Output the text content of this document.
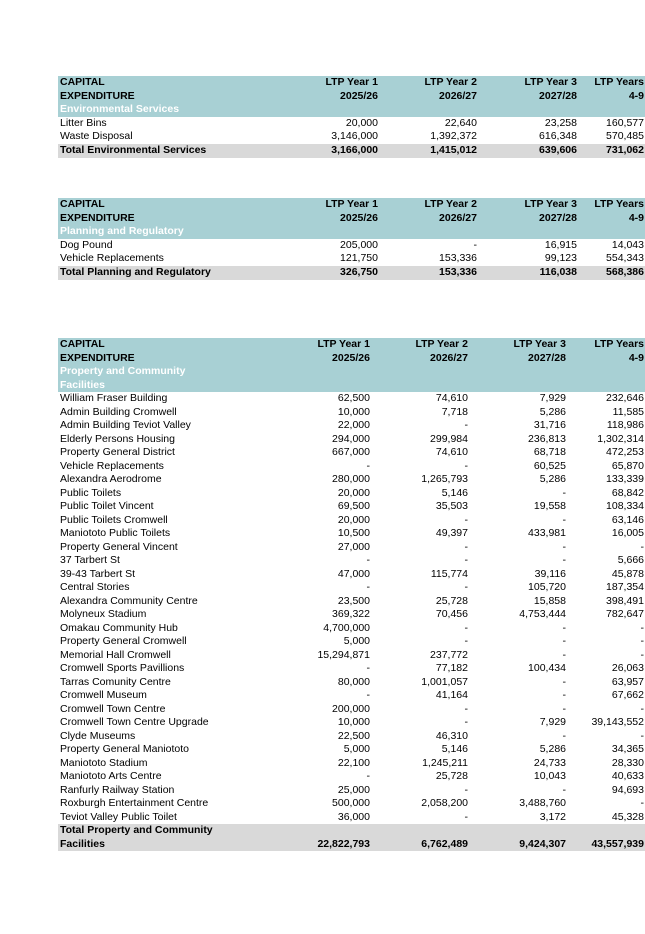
CAPITAL	LTP Year 1	LTP Year 2	LTP Year 3	LTP Years
EXPENDITURE	2025/26	2026/27	2027/28	4-9
Environmental Services				
Litter Bins	20,000	22,640	23,258	160,577
Waste Disposal	3,146,000	1,392,372	616,348	570,485
Total Environmental Services	3,166,000	1,415,012	639,606	731,062
CAPITAL	LTP Year 1	LTP Year 2	LTP Year 3	LTP Years
EXPENDITURE	2025/26	2026/27	2027/28	4-9
Planning and Regulatory				
Dog Pound	205,000	-	16,915	14,043
Vehicle Replacements	121,750	153,336	99,123	554,343
Total Planning and Regulatory	326,750	153,336	116,038	568,386
CAPITAL	LTP Year 1	LTP Year 2	LTP Year 3	LTP Years
EXPENDITURE	2025/26	2026/27	2027/28	4-9
Property and Community				
Facilities				
William Fraser Building	62,500	74,610	7,929	232,646
Admin Building Cromwell	10,000	7,718	5,286	11,585
Admin Building Teviot Valley	22,000	-	31,716	118,986
Elderly Persons Housing	294,000	299,984	236,813	1,302,314
Property General District	667,000	74,610	68,718	472,253
Vehicle Replacements	-	-	60,525	65,870
Alexandra Aerodrome	280,000	1,265,793	5,286	133,339
Public Toilets	20,000	5,146	-	68,842
Public Toilet Vincent	69,500	35,503	19,558	108,334
Public Toilets Cromwell	20,000	-	-	63,146
Maniototo Public Toilets	10,500	49,397	433,981	16,005
Property General Vincent	27,000	-	-	-
37 Tarbert St	-	-	-	5,666
39-43 Tarbert St	47,000	115,774	39,116	45,878
Central Stories	-	-	105,720	187,354
Alexandra Community Centre	23,500	25,728	15,858	398,491
Molyneux Stadium	369,322	70,456	4,753,444	782,647
Omakau Community Hub	4,700,000	-	-	-
Property General Cromwell	5,000	-	-	-
Memorial Hall Cromwell	15,294,871	237,772	-	-
Cromwell Sports Pavillions	-	77,182	100,434	26,063
Tarras Comunity Centre	80,000	1,001,057	-	63,957
Cromwell Museum	-	41,164	-	67,662
Cromwell Town Centre	200,000	-	-	-
Cromwell Town Centre Upgrade	10,000	-	7,929	39,143,552
Clyde Museums	22,500	46,310	-	-
Property General Maniototo	5,000	5,146	5,286	34,365
Maniototo Stadium	22,100	1,245,211	24,733	28,330
Maniototo Arts Centre	-	25,728	10,043	40,633
Ranfurly Railway Station	25,000	-	-	94,693
Roxburgh Entertainment Centre	500,000	2,058,200	3,488,760	-
Teviot Valley Public Toilet	36,000	-	3,172	45,328
Total Property and Community				
Facilities	22,822,793	6,762,489	9,424,307	43,557,939
